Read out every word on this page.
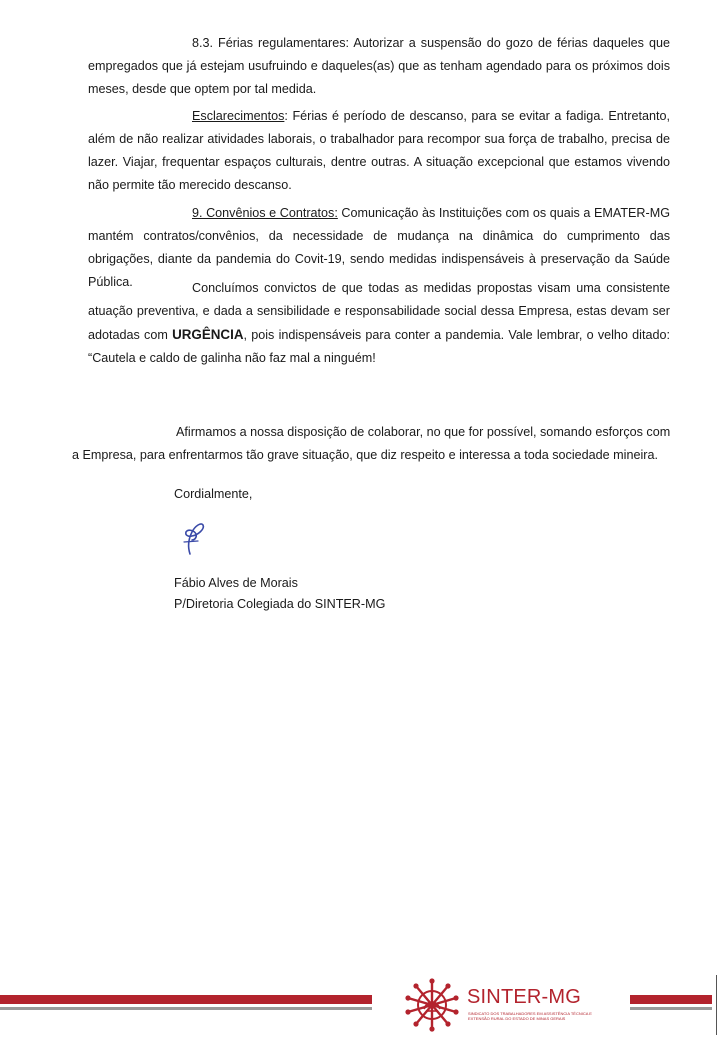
8.3. Férias regulamentares: Autorizar a suspensão do gozo de férias daqueles que empregados que já estejam usufruindo e daqueles(as) que as tenham agendado para os próximos dois meses, desde que optem por tal medida.

Esclarecimentos: Férias é período de descanso, para se evitar a fadiga. Entretanto, além de não realizar atividades laborais, o trabalhador para recompor sua força de trabalho, precisa de lazer. Viajar, frequentar espaços culturais, dentre outras. A situação excepcional que estamos vivendo não permite tão merecido descanso.

9. Convênios e Contratos: Comunicação às Instituições com os quais a EMATER-MG mantém contratos/convênios, da necessidade de mudança na dinâmica do cumprimento das obrigações, diante da pandemia do Covit-19, sendo medidas indispensáveis à preservação da Saúde Pública.	Concluímos convictos de que todas as medidas propostas visam uma consistente atuação preventiva, e dada a sensibilidade e responsabilidade social dessa Empresa, estas devam ser adotadas com URGÊNCIA, pois indispensáveis para conter a pandemia. Vale lembrar, o velho ditado: “Cautela e caldo de galinha não faz mal a ninguém!

Afirmamos a nossa disposição de colaborar, no que for possível, somando esforços com a Empresa, para enfrentarmos tão grave situação, que diz respeito e interessa a toda sociedade mineira.

Cordialmente,
Fábio Alves de Morais
P/Diretoria Colegiada do SINTER-MG
SINTER-MG
SINDICATO DOS TRABALHADORES EM ASSISTÊNCIA TÉCNICA E EXTENSÃO RURAL DO ESTADO DE MINAS GERAIS
